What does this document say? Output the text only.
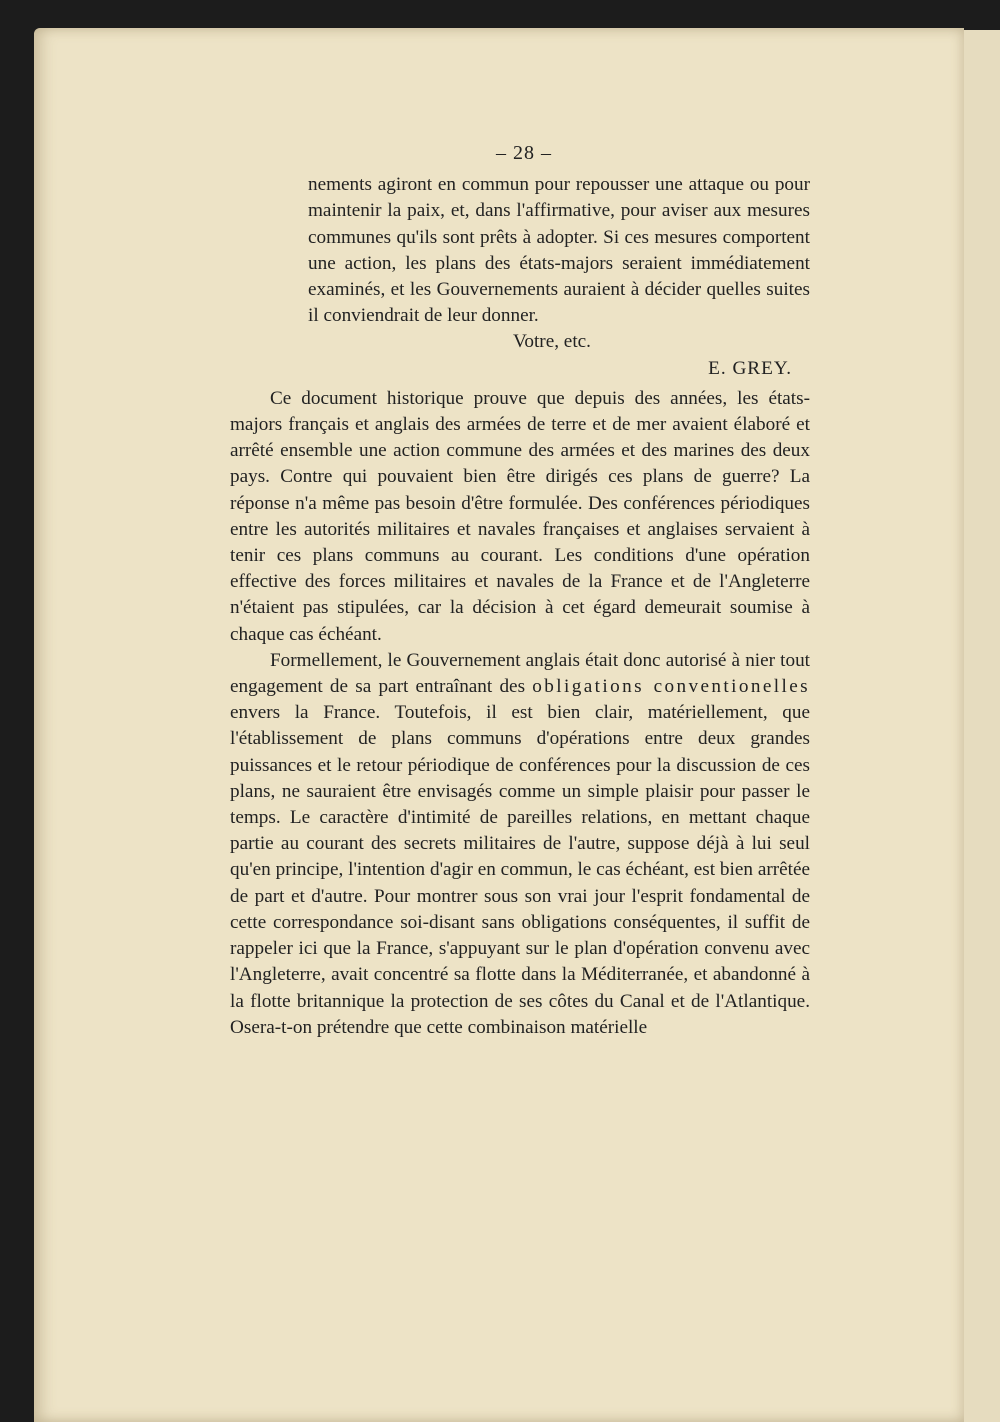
– 28 –

nements agiront en commun pour repousser une attaque ou pour maintenir la paix, et, dans l'affirmative, pour aviser aux mesures communes qu'ils sont prêts à adopter. Si ces mesures comportent une action, les plans des états-majors seraient immédiatement examinés, et les Gouvernements auraient à décider quelles suites il conviendrait de leur donner.

Votre, etc.

E. GREY.

Ce document historique prouve que depuis des années, les états-majors français et anglais des armées de terre et de mer avaient élaboré et arrêté ensemble une action commune des armées et des marines des deux pays. Contre qui pouvaient bien être dirigés ces plans de guerre? La réponse n'a même pas besoin d'être formulée. Des conférences périodiques entre les autorités militaires et navales françaises et anglaises servaient à tenir ces plans communs au courant. Les conditions d'une opération effective des forces militaires et navales de la France et de l'Angleterre n'étaient pas stipulées, car la décision à cet égard demeurait soumise à chaque cas échéant.

Formellement, le Gouvernement anglais était donc autorisé à nier tout engagement de sa part entraînant des obligations conventionelles envers la France. Toutefois, il est bien clair, matériellement, que l'établissement de plans communs d'opérations entre deux grandes puissances et le retour périodique de conférences pour la discussion de ces plans, ne sauraient être envisagés comme un simple plaisir pour passer le temps. Le caractère d'intimité de pareilles relations, en mettant chaque partie au courant des secrets militaires de l'autre, suppose déjà à lui seul qu'en principe, l'intention d'agir en commun, le cas échéant, est bien arrêtée de part et d'autre. Pour montrer sous son vrai jour l'esprit fondamental de cette correspondance soi-disant sans obligations conséquentes, il suffit de rappeler ici que la France, s'appuyant sur le plan d'opération convenu avec l'Angleterre, avait concentré sa flotte dans la Méditerranée, et abandonné à la flotte britannique la protection de ses côtes du Canal et de l'Atlantique. Osera-t-on prétendre que cette combinaison matérielle
